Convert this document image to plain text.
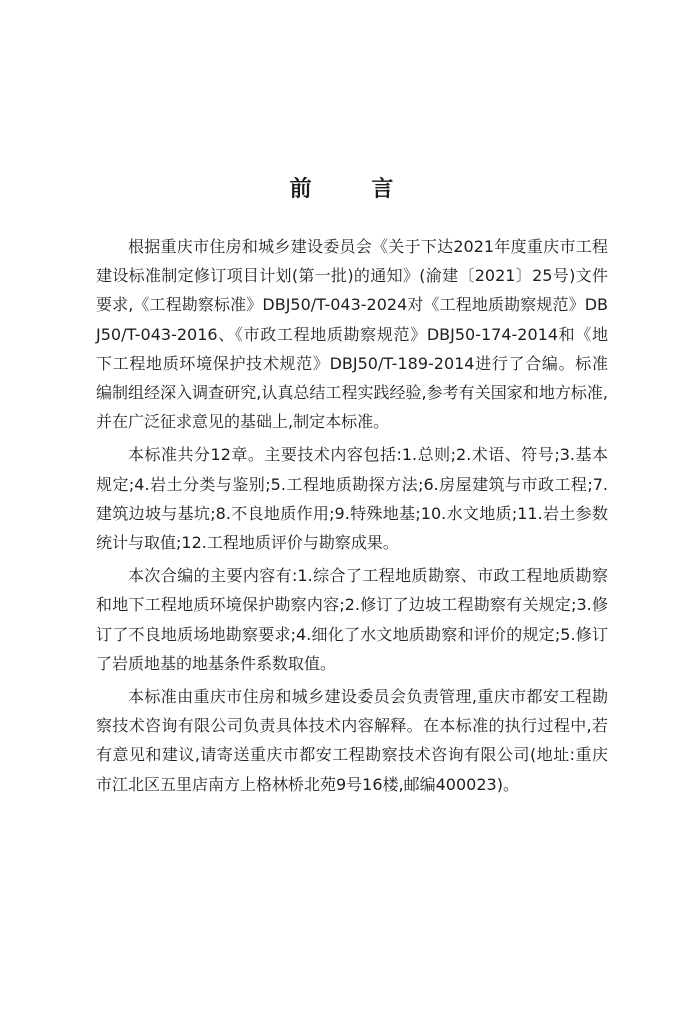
前 言

根据重庆市住房和城乡建设委员会《关于下达2021年度重庆市工程建设标准制定修订项目计划(第一批)的通知》(渝建〔2021〕25号)文件要求,《工程勘察标准》DBJ50/T-043-2024对《工程地质勘察规范》DBJ50/T-043-2016、《市政工程地质勘察规范》DBJ50-174-2014和《地下工程地质环境保护技术规范》DBJ50/T-189-2014进行了合编。标准编制组经深入调查研究,认真总结工程实践经验,参考有关国家和地方标准,并在广泛征求意见的基础上,制定本标准。

本标准共分12章。主要技术内容包括:1.总则;2.术语、符号;3.基本规定;4.岩土分类与鉴别;5.工程地质勘探方法;6.房屋建筑与市政工程;7.建筑边坡与基坑;8.不良地质作用;9.特殊地基;10.水文地质;11.岩土参数统计与取值;12.工程地质评价与勘察成果。

本次合编的主要内容有:1.综合了工程地质勘察、市政工程地质勘察和地下工程地质环境保护勘察内容;2.修订了边坡工程勘察有关规定;3.修订了不良地质场地勘察要求;4.细化了水文地质勘察和评价的规定;5.修订了岩质地基的地基条件系数取值。

本标准由重庆市住房和城乡建设委员会负责管理,重庆市都安工程勘察技术咨询有限公司负责具体技术内容解释。在本标准的执行过程中,若有意见和建议,请寄送重庆市都安工程勘察技术咨询有限公司(地址:重庆市江北区五里店南方上格林桥北苑9号16楼,邮编400023)。
